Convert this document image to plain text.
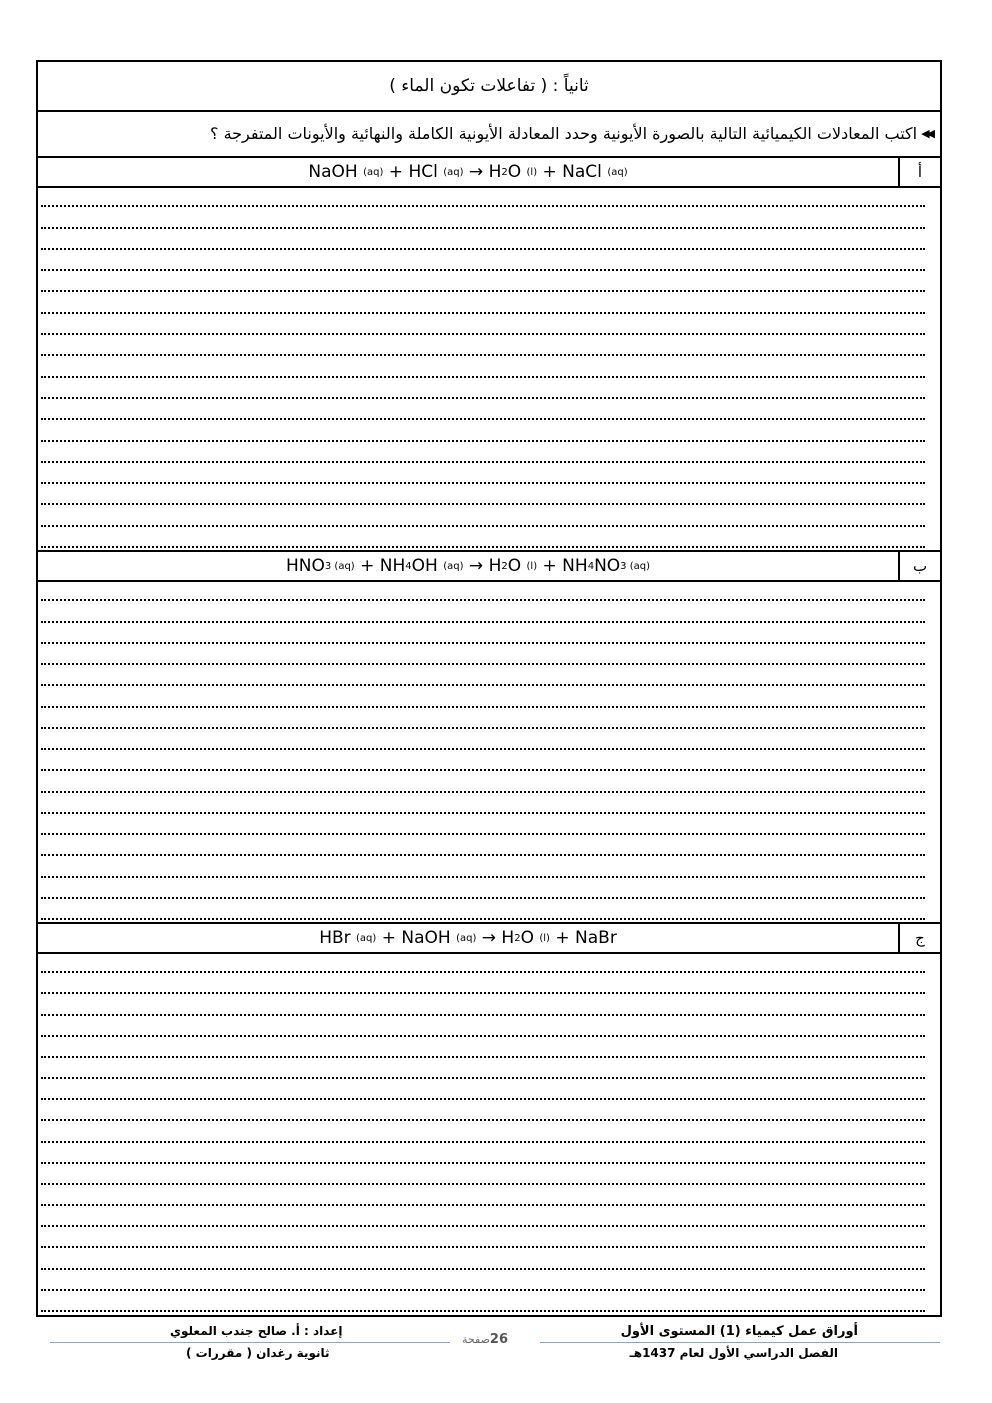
ثانياً : ( تفاعلات تكون الماء )
◀◀
اكتب المعادلات الكيميائية التالية بالصورة الأيونية وحدد المعادلة الأيونية الكاملة والنهائية والأيونات المتفرجة ؟
NaOH (aq) + HCl (aq) → H 2 O (l) + NaCl (aq)	أ
HNO 3 (aq) + NH 4 OH (aq) → H 2 O (l) + NH 4 NO 3 (aq)	ب
HBr (aq) + NaOH (aq) → H 2 O (l) + NaBr	ج
أوراق عمل كيمياء (1) المستوى الأول
الفصل الدراسي الأول لعام 1437هـ
إعداد : أ. صالح جندب المعلوي
ثانوية رغدان ( مقررات )
26صفحة
